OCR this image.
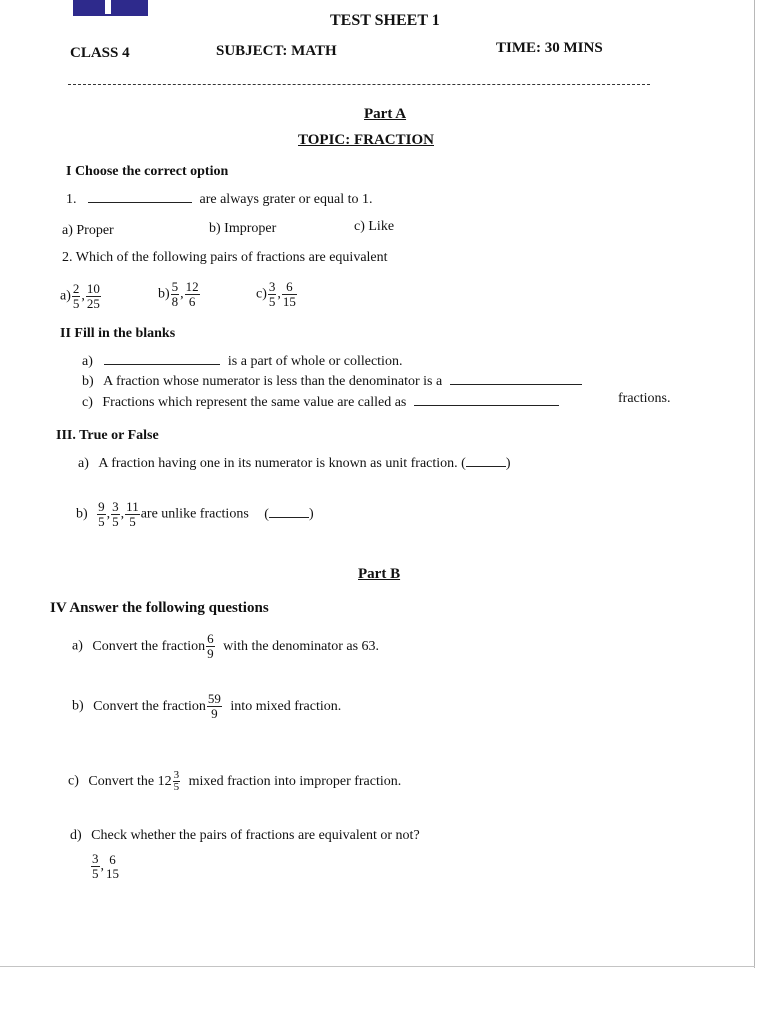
TEST SHEET 1
CLASS 4	SUBJECT: MATH	TIME: 30 MINS
Part A
TOPIC: FRACTION
I Choose the correct option
1.	are always grater or equal to 1.
a) Proper	b) Improper	c) Like
2. Which of the following pairs of fractions are equivalent
$a) \frac{2}{5}$ , $\frac{10}{25}$	$b) \frac{5}{8}$ , $\frac{12}{6}$	$c) \frac{3}{5}$ , $\frac{6}{15}$
II Fill in the blanks
a)	is a part of whole or collection.
b) A fraction whose numerator is less than the denominator is a
c) Fractions which represent the same value are called as	fractions.
III. True or False
a) A fraction having one in its numerator is known as unit fraction. (	)
$b) \frac{9}{5}$ , $\frac{3}{5}$ , $\frac{11}{5}$ are unlike fractions (	)
Part B
IV Answer the following questions
a) Convert the fraction $\frac{6}{9}$ with the denominator as 63.
b) Convert the fraction $\frac{59}{9}$ into mixed fraction.
c) Convert the $12 \frac{3}{5}$ mixed fraction into improper fraction.
d) Check whether the pairs of fractions are equivalent or not?
$\frac{3}{5}$ , 6
15
